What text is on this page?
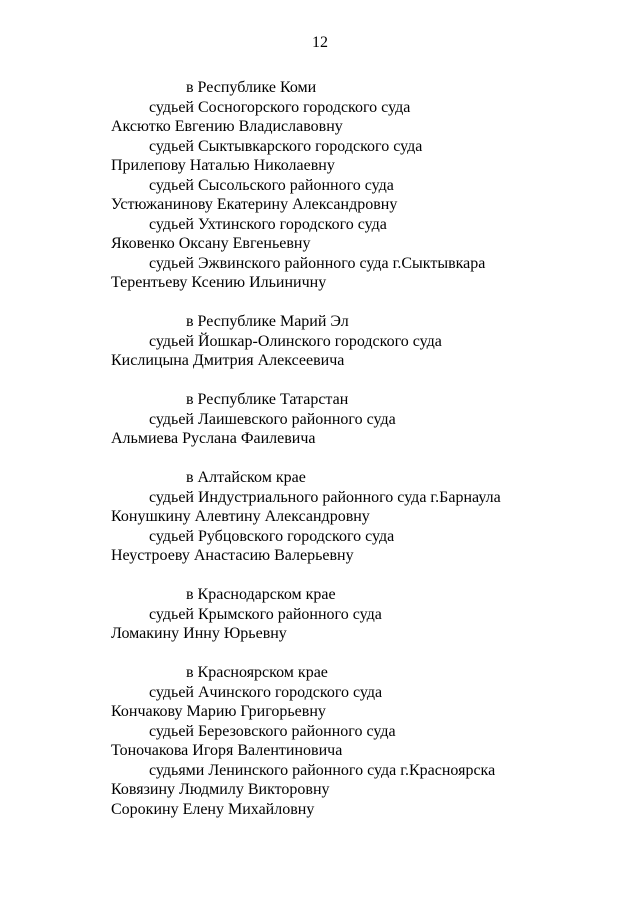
12
в Республике Коми
судьей Сосногорского городского суда
Аксютко Евгению Владиславовну
судьей Сыктывкарского городского суда
Прилепову Наталью Николаевну
судьей Сысольского районного суда
Устюжанинову Екатерину Александровну
судьей Ухтинского городского суда
Яковенко Оксану Евгеньевну
судьей Эжвинского районного суда г.Сыктывкара
Терентьеву Ксению Ильиничну
в Республике Марий Эл
судьей Йошкар-Олинского городского суда
Кислицына Дмитрия Алексеевича
в Республике Татарстан
судьей Лаишевского районного суда
Альмиева Руслана Фаилевича
в Алтайском крае
судьей Индустриального районного суда г.Барнаула
Конушкину Алевтину Александровну
судьей Рубцовского городского суда
Неустроеву Анастасию Валерьевну
в Краснодарском крае
судьей Крымского районного суда
Ломакину Инну Юрьевну
в Красноярском крае
судьей Ачинского городского суда
Кончакову Марию Григорьевну
судьей Березовского районного суда
Тоночакова Игоря Валентиновича
судьями Ленинского районного суда г.Красноярска
Ковязину Людмилу Викторовну
Сорокину Елену Михайловну
